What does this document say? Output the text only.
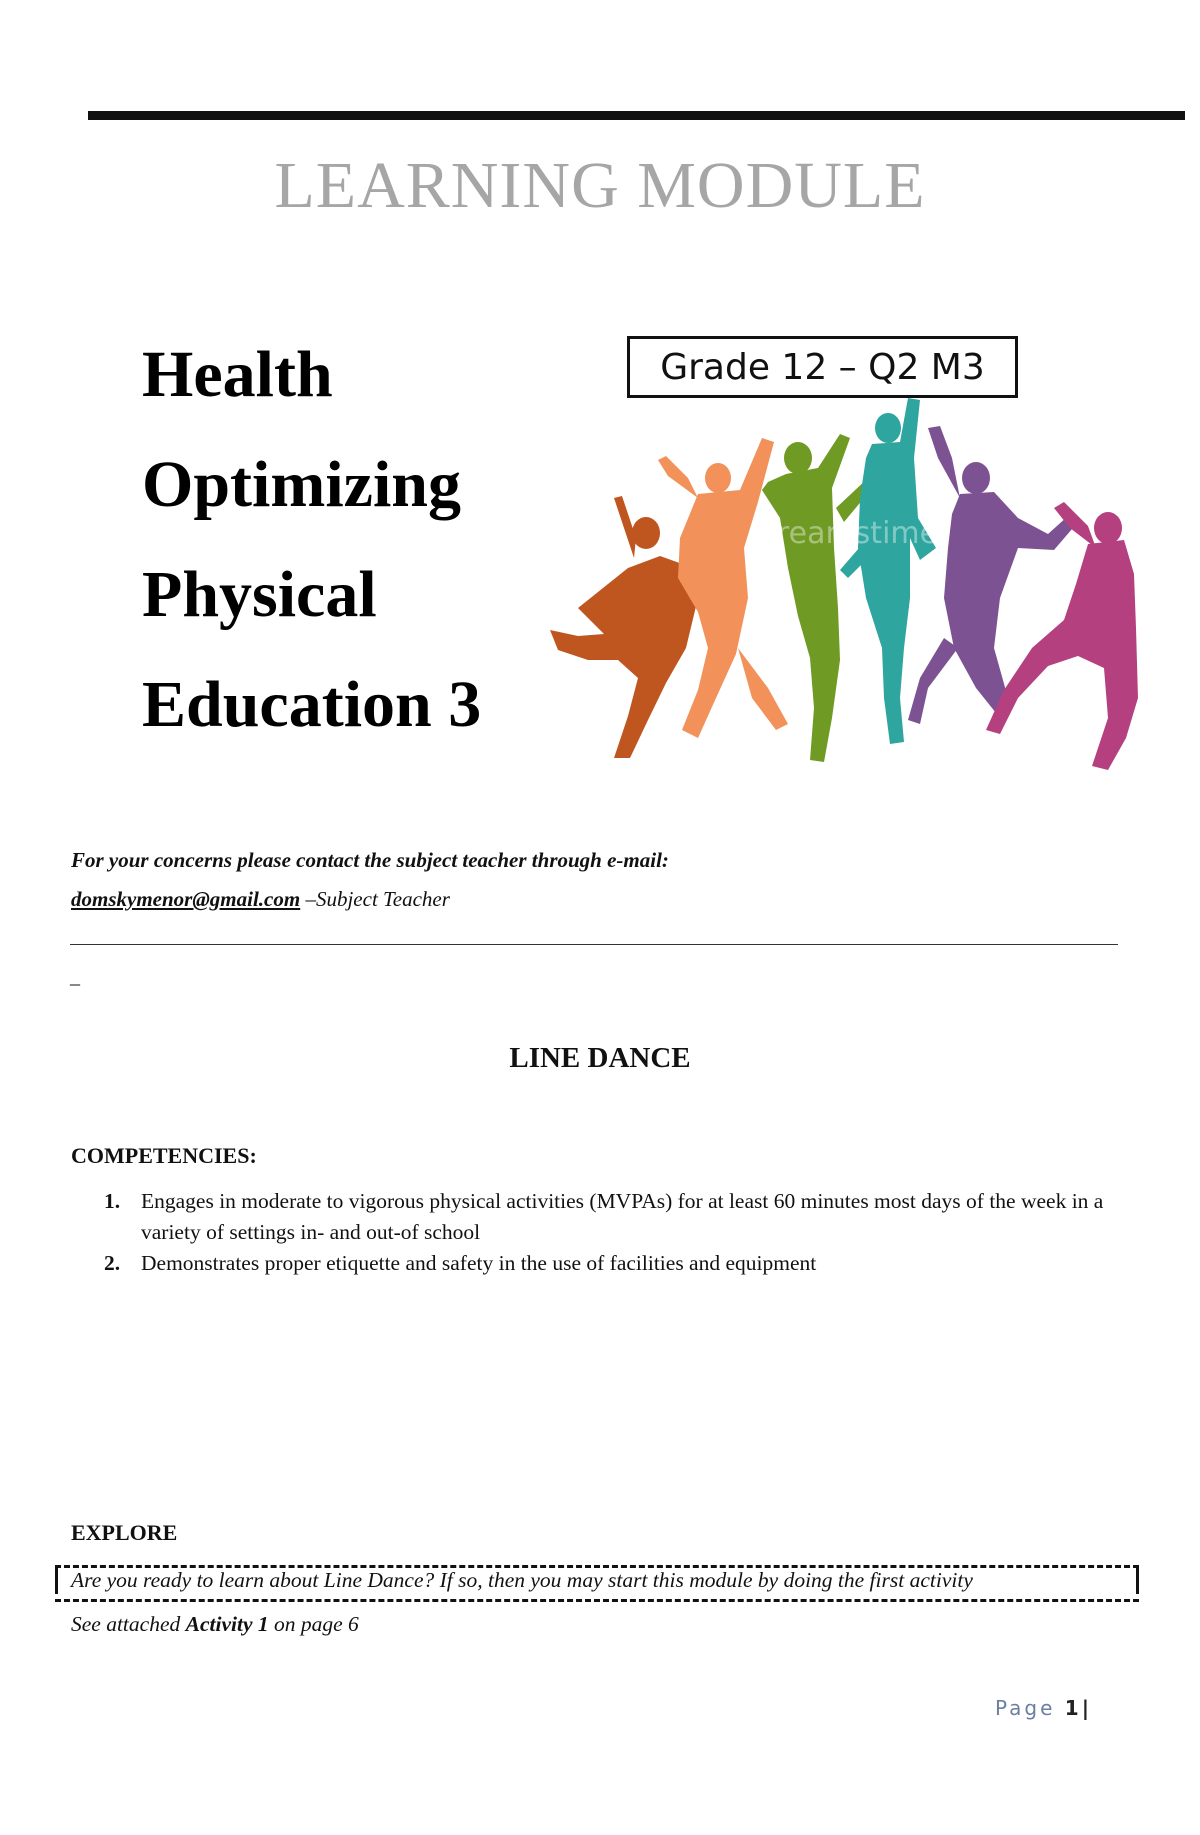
LEARNING MODULE
Health
Optimizing
Physical
Education 3
Grade 12 – Q2 M3
dreamstime
For your concerns please contact the subject teacher through e-mail:
domskymenor@gmail.com –Subject Teacher
_
LINE DANCE
COMPETENCIES:
1. Engages in moderate to vigorous physical activities (MVPAs) for at least 60 minutes most days of the week in a variety of settings in- and out-of school
2. Demonstrates proper etiquette and safety in the use of facilities and equipment
EXPLORE
Are you ready to learn about Line Dance? If so, then you may start this module by doing the first activity
See attached Activity 1 on page 6
Page 1|
